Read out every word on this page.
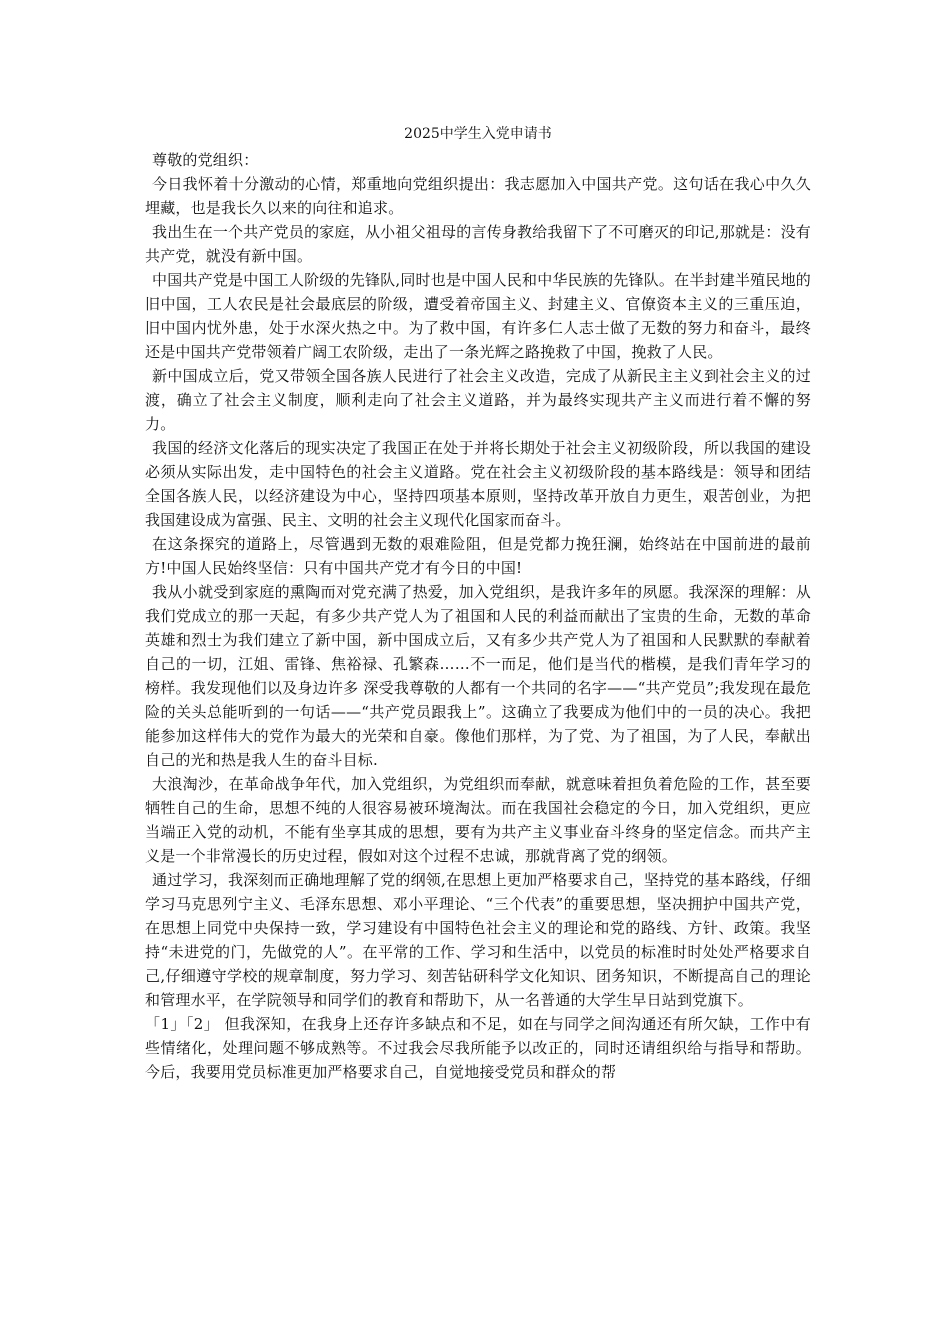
2025中学生入党申请书

尊敬的党组织：

今日我怀着十分激动的心情，郑重地向党组织提出：我志愿加入中国共产党。这句话在我心中久久埋藏，也是我长久以来的向往和追求。

我出生在一个共产党员的家庭，从小祖父祖母的言传身教给我留下了不可磨灭的印记,那就是：没有共产党，就没有新中国。

中国共产党是中国工人阶级的先锋队,同时也是中国人民和中华民族的先锋队。在半封建半殖民地的旧中国，工人农民是社会最底层的阶级，遭受着帝国主义、封建主义、官僚资本主义的三重压迫，旧中国内忧外患，处于水深火热之中。为了救中国，有许多仁人志士做了无数的努力和奋斗，最终还是中国共产党带领着广阔工农阶级，走出了一条光辉之路挽救了中国，挽救了人民。

新中国成立后，党又带领全国各族人民进行了社会主义改造，完成了从新民主主义到社会主义的过渡，确立了社会主义制度，顺利走向了社会主义道路，并为最终实现共产主义而进行着不懈的努力。

我国的经济文化落后的现实决定了我国正在处于并将长期处于社会主义初级阶段，所以我国的建设必须从实际出发，走中国特色的社会主义道路。党在社会主义初级阶段的基本路线是：领导和团结全国各族人民，以经济建设为中心，坚持四项基本原则，坚持改革开放自力更生，艰苦创业，为把我国建设成为富强、民主、文明的社会主义现代化国家而奋斗。

在这条探究的道路上，尽管遇到无数的艰难险阻，但是党都力挽狂澜，始终站在中国前进的最前方!中国人民始终坚信：只有中国共产党才有今日的中国!

我从小就受到家庭的熏陶而对党充满了热爱，加入党组织，是我许多年的夙愿。我深深的理解：从我们党成立的那一天起，有多少共产党人为了祖国和人民的利益而献出了宝贵的生命，无数的革命英雄和烈士为我们建立了新中国，新中国成立后，又有多少共产党人为了祖国和人民默默的奉献着自己的一切，江姐、雷锋、焦裕禄、孔繁森……不一而足，他们是当代的楷模，是我们青年学习的榜样。我发现他们以及身边许多 深受我尊敬的人都有一个共同的名字——“共产党员”;我发现在最危险的关头总能听到的一句话——“共产党员跟我上”。这确立了我要成为他们中的一员的决心。我把能参加这样伟大的党作为最大的光荣和自豪。像他们那样，为了党、为了祖国，为了人民，奉献出自己的光和热是我人生的奋斗目标.

大浪淘沙，在革命战争年代，加入党组织，为党组织而奉献，就意味着担负着危险的工作，甚至要牺牲自己的生命，思想不纯的人很容易被环境淘汰。而在我国社会稳定的今日，加入党组织，更应当端正入党的动机，不能有坐享其成的思想，要有为共产主义事业奋斗终身的坚定信念。而共产主义是一个非常漫长的历史过程，假如对这个过程不忠诚，那就背离了党的纲领。

通过学习，我深刻而正确地理解了党的纲领,在思想上更加严格要求自己，坚持党的基本路线，仔细学习马克思列宁主义、毛泽东思想、邓小平理论、“三个代表”的重要思想，坚决拥护中国共产党，在思想上同党中央保持一致，学习建设有中国特色社会主义的理论和党的路线、方针、政策。我坚持“未进党的门，先做党的人”。在平常的工作、学习和生活中，以党员的标准时时处处严格要求自己,仔细遵守学校的规章制度，努力学习、刻苦钻研科学文化知识、团务知识，不断提高自己的理论和管理水平，在学院领导和同学们的教育和帮助下，从一名普通的大学生早日站到党旗下。

「1」「2」 但我深知，在我身上还存许多缺点和不足，如在与同学之间沟通还有所欠缺，工作中有些情绪化，处理问题不够成熟等。不过我会尽我所能予以改正的，同时还请组织给与指导和帮助。今后，我要用党员标准更加严格要求自己，自觉地接受党员和群众的帮
